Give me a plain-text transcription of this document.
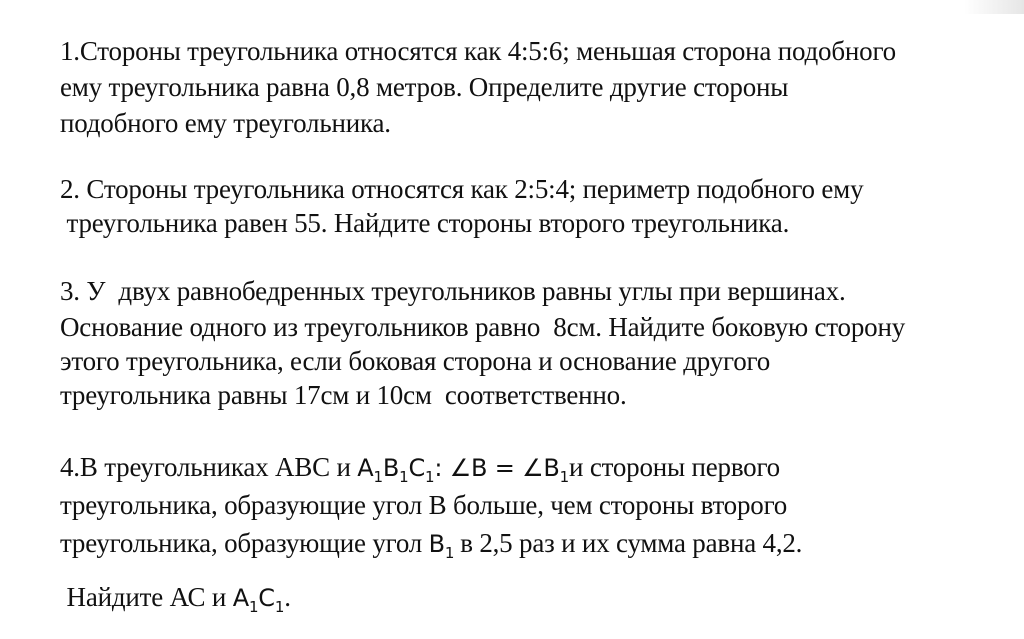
1.Стороны треугольника относятся как 4:5:6; меньшая сторона подобного
ему треугольника равна 0,8 метров. Определите другие стороны
подобного ему треугольника.
2. Стороны треугольника относятся как 2:5:4; периметр подобного ему
треугольника равен 55. Найдите стороны второго треугольника.
3. У  двух равнобедренных треугольников равны углы при вершинах.
Основание одного из треугольников равно  8см. Найдите боковую сторону
этого треугольника, если боковая сторона и основание другого
треугольника равны 17см и 10см  соответственно.
4.В треугольниках АВС и $A_1B_1C_1$: ∠B = $\angle B_1и$ стороны первого
треугольника, образующие угол В больше, чем стороны второго
треугольника, образующие угол $B_1$ в 2,5 раз и их сумма равна 4,2.
Найдите АС и $A_1C_1$.
